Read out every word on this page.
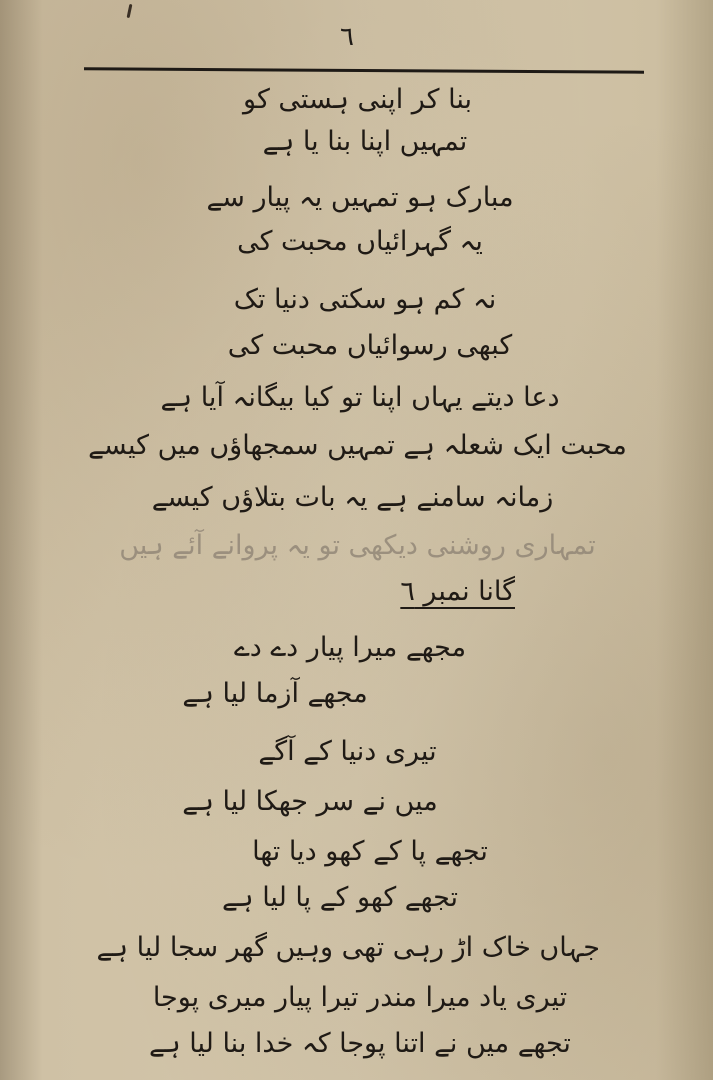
٦
بنا کر اپنی ہستی کو
تمہیں اپنا بنا یا ہے
مبارک ہو تمہیں یہ پیار سے
یہ گہرائیاں محبت کی
نہ کم ہو سکتی دنیا تک
کبھی رسوائیاں محبت کی
دعا دیتے یہاں اپنا تو کیا بیگانہ آیا ہے
محبت ایک شعلہ ہے تمہیں سمجھاؤں میں کیسے
زمانہ سامنے ہے یہ بات بتلاؤں کیسے
تمہاری روشنی دیکھی تو یہ پروانے آئے ہیں
گانا نمبر ٦
مجھے میرا پیار دے دے
مجھے آزما لیا ہے
تیری دنیا کے آگے
میں نے سر جھکا لیا ہے
تجھے پا کے کھو دیا تھا
تجھے کھو کے پا لیا ہے
جہاں خاک اڑ رہی تھی وہیں گھر سجا لیا ہے
تیری یاد میرا مندر تیرا پیار میری پوجا
تجھے میں نے اتنا پوجا کہ خدا بنا لیا ہے
